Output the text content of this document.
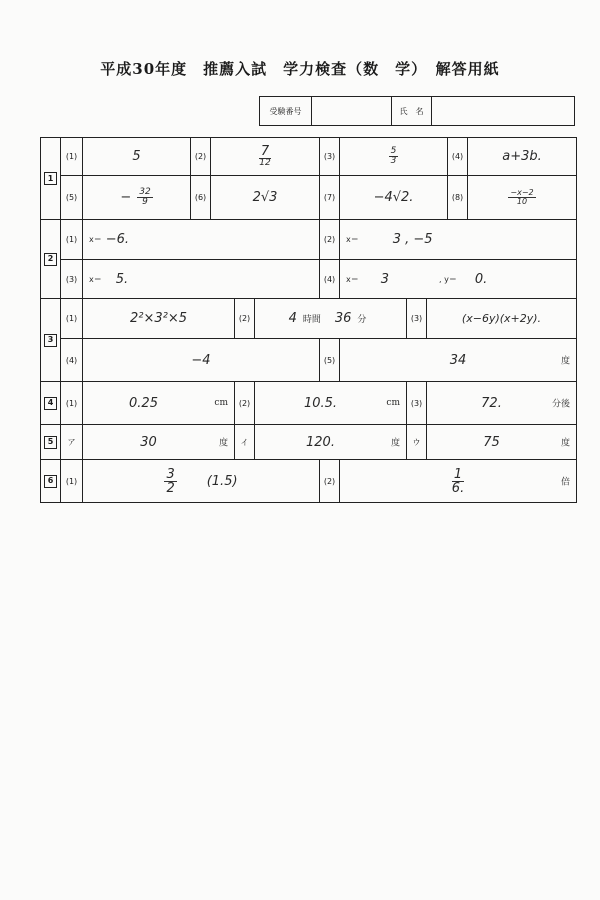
平成30年度　推薦入試　学力検査（数　学）　解答用紙
受験番号	氏　名
1
(1)	5	(2)	$\frac{7}{12}$	(3)	$\frac{5}{3}$	(4)	a+3b.
(5)	− $\frac{32}{9}$	(6)	2√3	(7)	−4√2.	(8)	$\frac{-x-2}{10}$
2
(1)	x＝ −6.	(2)	x＝	3 , −5
(3)	x＝ 5.	(4)	x＝ 3	, y＝ 0.
3
(1)	2²×3²×5	(2)	4 時間 36 分	(3)	(x−6y)(x+2y).
(4)	−4	(5)	34	度
4	(1)	0.25	cm	(2)	10.5.	cm	(3)	72.	分後
5	ア	30	度	イ	120.	度	ウ	75	度
6	(1)	$\frac{3}{2} (1.5)$	(2)	$\frac{1}{6.}$	倍
